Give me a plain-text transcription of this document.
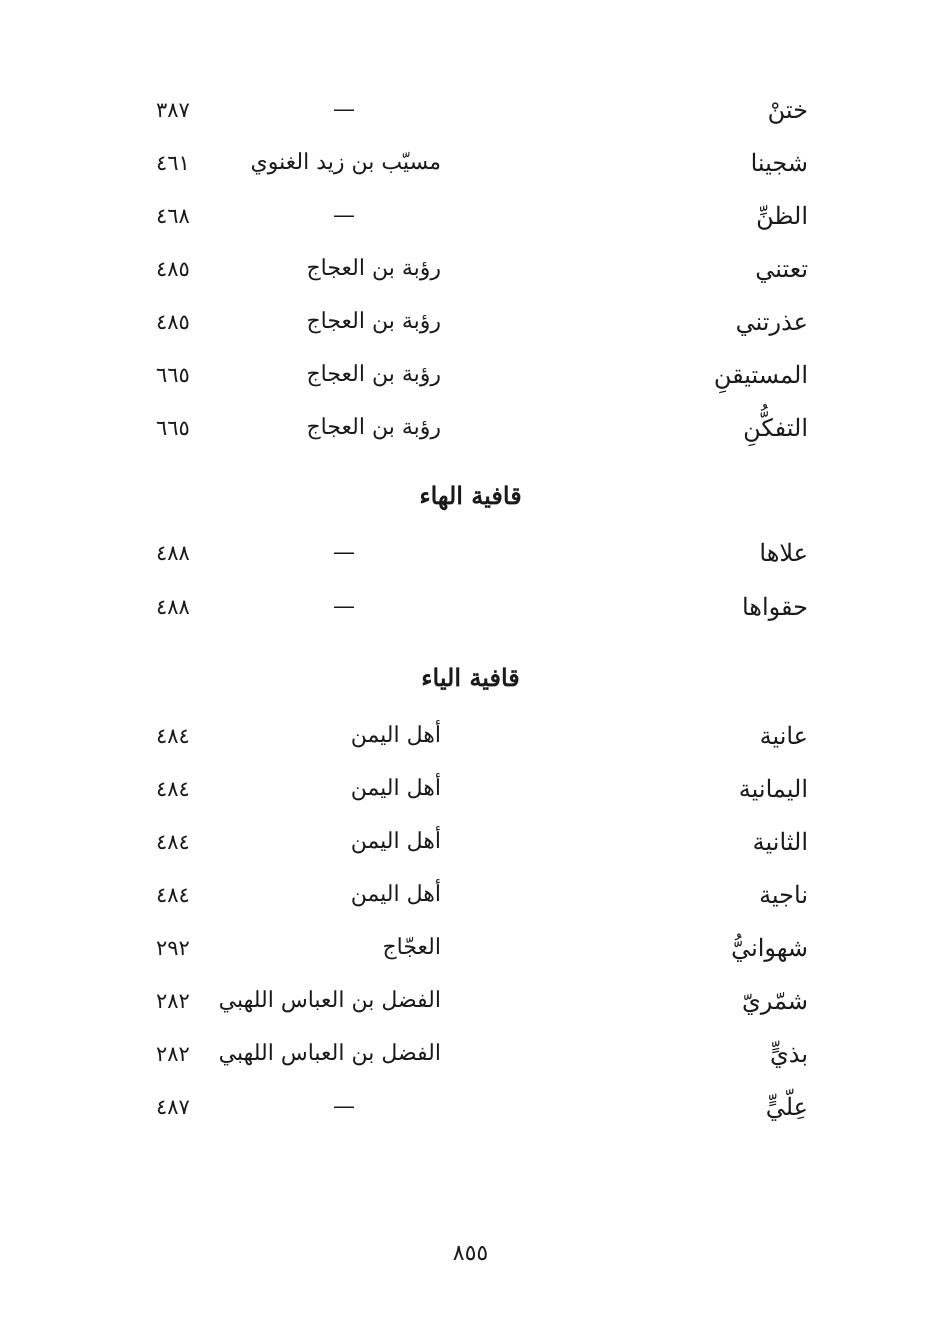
ختنْ
—
٣٨٧
شجينا
مسيّب بن زيد الغنوي
٤٦١
الظنِّ
—
٤٦٨
تعتني
رؤبة بن العجاج
٤٨٥
عذرتني
رؤبة بن العجاج
٤٨٥
المستيقنِ
رؤبة بن العجاج
٦٦٥
التفكُّنِ
رؤبة بن العجاج
٦٦٥
قافية الهاء
علاها
—
٤٨٨
حقواها
—
٤٨٨
قافية الياء
عانية
أهل اليمن
٤٨٤
اليمانية
أهل اليمن
٤٨٤
الثانية
أهل اليمن
٤٨٤
ناجية
أهل اليمن
٤٨٤
شهوانيُّ
العجّاج
٢٩٢
شمّريّ
الفضل بن العباس اللهبي
٢٨٢
بذيٍّ
الفضل بن العباس اللهبي
٢٨٢
عِلّيٍّ
—
٤٨٧
٨٥٥
